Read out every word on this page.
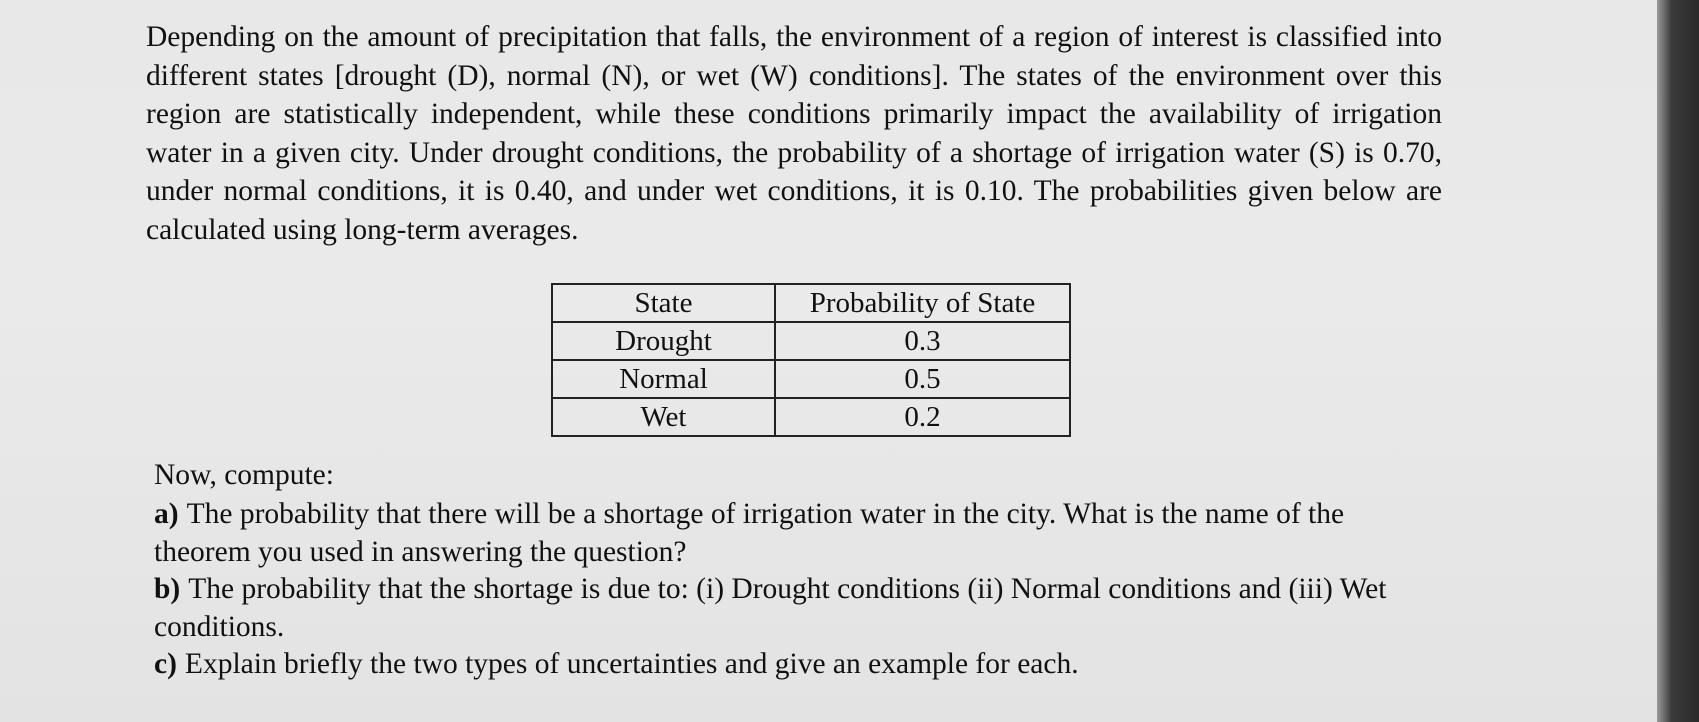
Depending on the amount of precipitation that falls, the environment of a region of interest is classified into different states [drought (D), normal (N), or wet (W) conditions]. The states of the environment over this region are statistically independent, while these conditions primarily impact the availability of irrigation water in a given city. Under drought conditions, the probability of a shortage of irrigation water (S) is 0.70, under normal conditions, it is 0.40, and under wet conditions, it is 0.10. The probabilities given below are calculated using long-term averages.

State	Probability of State
Drought	0.3
Normal	0.5
Wet	0.2

Now, compute:

a) The probability that there will be a shortage of irrigation water in the city. What is the name of the theorem you used in answering the question?
b) The probability that the shortage is due to: (i) Drought conditions (ii) Normal conditions and (iii) Wet conditions.
c) Explain briefly the two types of uncertainties and give an example for each.
